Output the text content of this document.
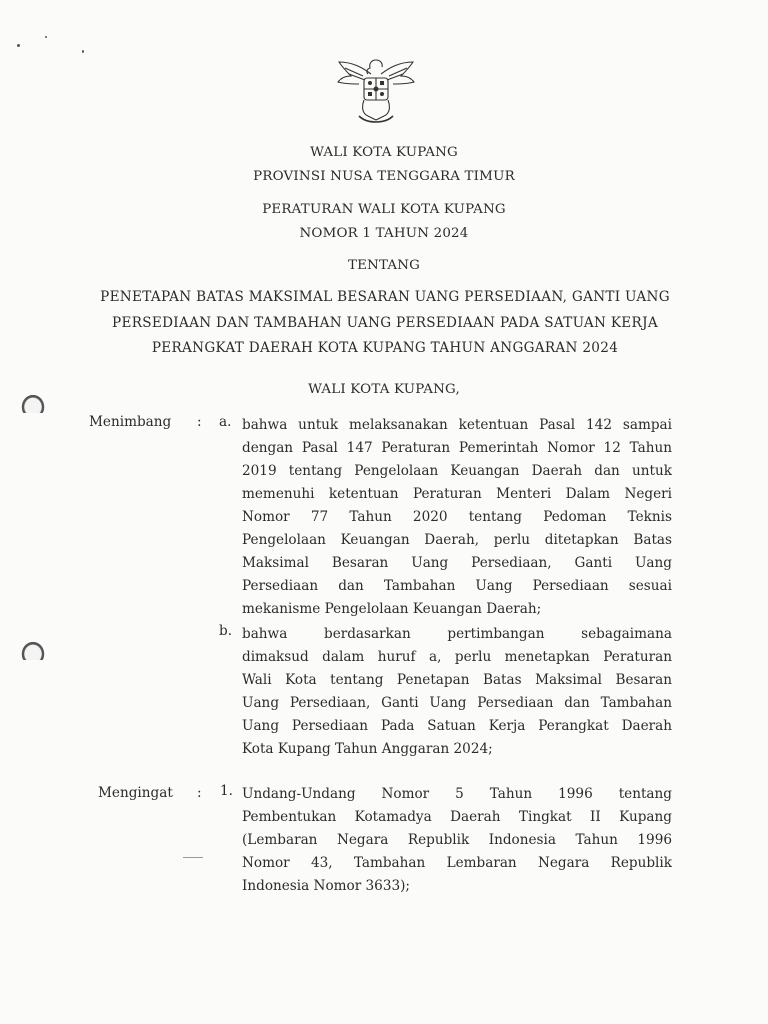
WALI KOTA KUPANG
PROVINSI NUSA TENGGARA TIMUR
PERATURAN WALI KOTA KUPANG
NOMOR 1 TAHUN 2024
TENTANG
PENETAPAN BATAS MAKSIMAL BESARAN UANG PERSEDIAAN, GANTI UANG PERSEDIAAN DAN TAMBAHAN UANG PERSEDIAAN PADA SATUAN KERJA PERANGKAT DAERAH KOTA KUPANG TAHUN ANGGARAN 2024
WALI KOTA KUPANG,
Menimbang : a. bahwa untuk melaksanakan ketentuan Pasal 142 sampai
dengan Pasal 147 Peraturan Pemerintah Nomor 12 Tahun
2019 tentang Pengelolaan Keuangan Daerah dan untuk
memenuhi ketentuan Peraturan Menteri Dalam Negeri
Nomor 77 Tahun 2020 tentang Pedoman Teknis
Pengelolaan Keuangan Daerah, perlu ditetapkan Batas
Maksimal Besaran Uang Persediaan, Ganti Uang
Persediaan dan Tambahan Uang Persediaan sesuai
mekanisme Pengelolaan Keuangan Daerah;
b. bahwa berdasarkan pertimbangan sebagaimana
dimaksud dalam huruf a, perlu menetapkan Peraturan
Wali Kota tentang Penetapan Batas Maksimal Besaran
Uang Persediaan, Ganti Uang Persediaan dan Tambahan
Uang Persediaan Pada Satuan Kerja Perangkat Daerah
Kota Kupang Tahun Anggaran 2024;
Mengingat : 1. Undang-Undang Nomor 5 Tahun 1996 tentang
Pembentukan Kotamadya Daerah Tingkat II Kupang
(Lembaran Negara Republik Indonesia Tahun 1996
Nomor 43, Tambahan Lembaran Negara Republik
Indonesia Nomor 3633);
